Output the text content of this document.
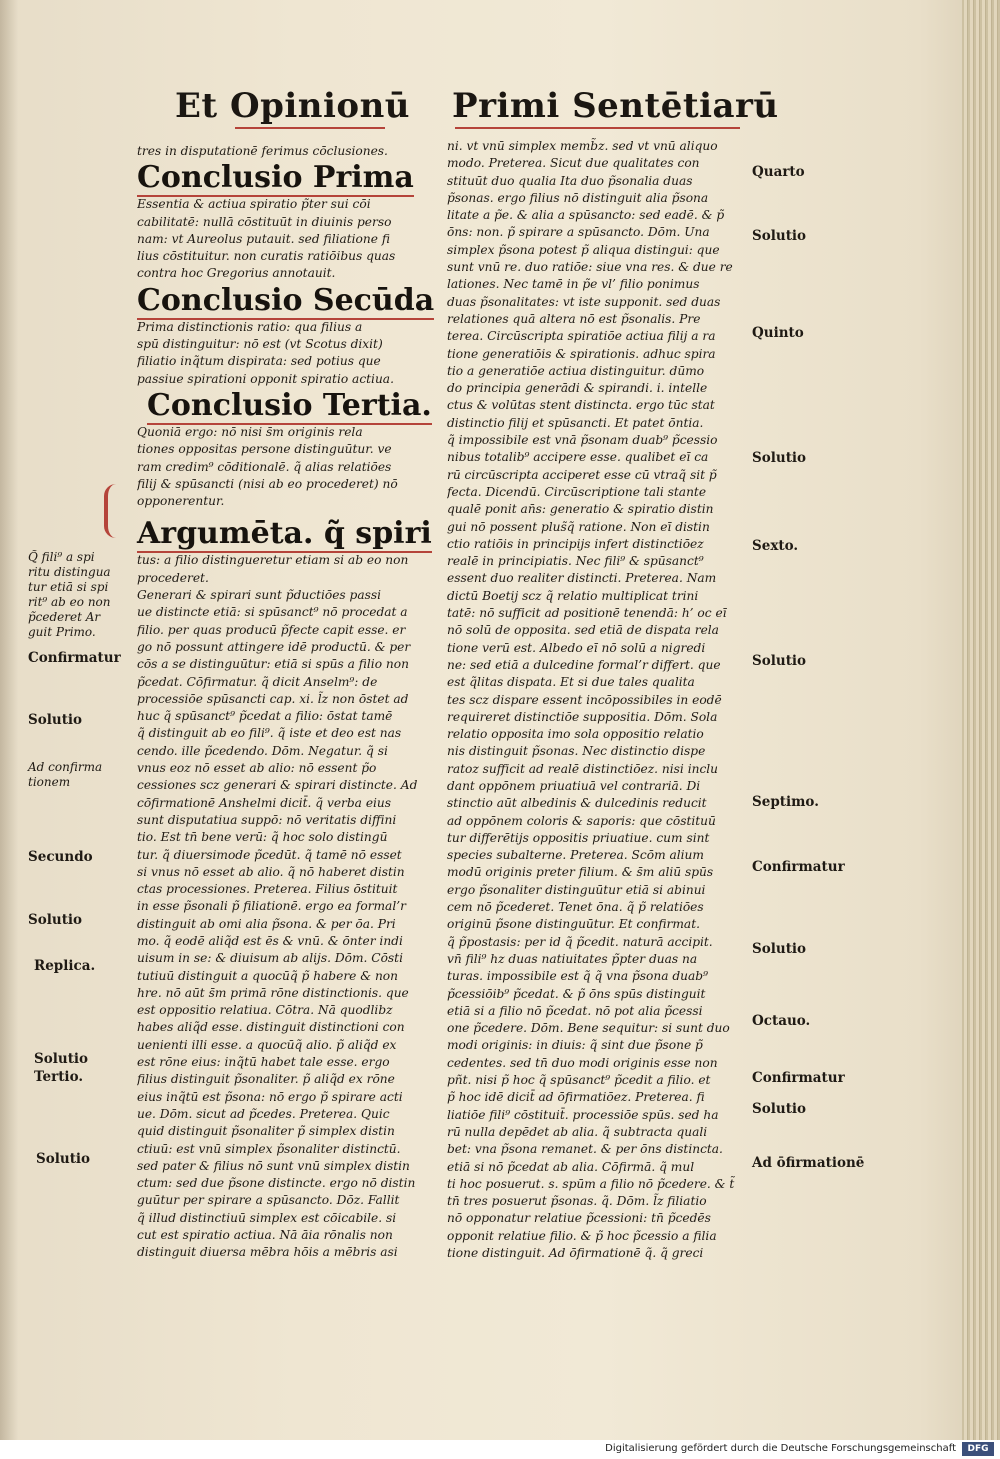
Et Opinionū Primi Sentētiarū
tres in disputationē ferimus cōclusiones.
Conclusio Prima
Essentia & actiua spiratio p̃ter sui cōi
cabilitatē: nullā cōstituūt in diuinis perso
nam: vt Aureolus putauit. sed filiatione fi
lius cōstituitur. non curatis ratiōibus quas
contra hoc Gregorius annotauit.
Conclusio Secūda
Prima distinctionis ratio: qua filius a
spū distinguitur: nō est (vt Scotus dixit)
filiatio inq̃tum dispirata: sed potius que
passiue spirationi opponit spiratio actiua.
Conclusio Tertia.
Quoniā ergo: nō nisi s̄m originis rela
tiones oppositas persone distinguūtur. ve
ram credim⁹ cōditionalē. q̃ alias relatiōes
filij & spūsancti (nisi ab eo procederet) nō
opponerentur.
Argumēta. q̃ spiri
tus: a filio distingueretur etiam si ab eo non
procederet.
Generari & spirari sunt p̃ductiōes passi
ue distincte etiā: si spūsanct⁹ nō procedat a
filio. per quas producū p̃fecte capit esse. er
go nō possunt attingere idē productū. & per
cōs a se distinguūtur: etiā si spūs a filio non
p̃cedat. Cōfirmatur. q̃ dicit Anselm⁹: de
processiōe spūsancti cap. xi. l̃z non ōstet ad
huc q̃ spūsanct⁹ p̃cedat a filio: ōstat tamē
q̃ distinguit ab eo fili⁹. q̃ iste et deo est nas
cendo. ille p̃cedendo. Dōm. Negatur. q̃ si
vnus eoz nō esset ab alio: nō essent p̃o
cessiones scz generari & spirari distincte. Ad
cōfirmationē Anshelmi dicit̄. q̃ verba eius
sunt disputatiua suppō: nō veritatis diffini
tio. Est tn̄ bene verū: q̃ hoc solo distingū
tur. q̃ diuersimode p̃cedūt. q̃ tamē nō esset
si vnus nō esset ab alio. q̃ nō haberet distin
ctas processiones. Preterea. Filius ōstituit
in esse p̃sonali p̃ filiationē. ergo ea formal’r
distinguit ab omi alia p̃sona. & per ōa. Pri
mo. q̃ eodē aliq̃d est ēs & vnū. & ōnter indi
uisum in se: & diuisum ab alijs. Dōm. Cōsti
tutiuū distinguit a quocūq̃ p̃ habere & non
hre. nō aūt s̄m primā rōne distinctionis. que
est oppositio relatiua. Cōtra. Nā quodlibz
habes aliq̃d esse. distinguit distinctioni con
uenienti illi esse. a quocūq̃ alio. p̃ aliq̃d ex
est rōne eius: inq̃tū habet tale esse. ergo
filius distinguit p̃sonaliter. p̃ aliq̃d ex rōne
eius inq̃tū est p̃sona: nō ergo p̃ spirare acti
ue. Dōm. sicut ad p̃cedes. Preterea. Quic
quid distinguit p̃sonaliter p̃ simplex distin
ctiuū: est vnū simplex p̃sonaliter distinctū.
sed pater & filius nō sunt vnū simplex distin
ctum: sed due p̃sone distincte. ergo nō distin
guūtur per spirare a spūsancto. Dōz. Fallit
q̃ illud distinctiuū simplex est cōicabile. si
cut est spiratio actiua. Nā āia rōnalis non
distinguit diuersa mēbra hōis a mēbris asi
ni. vt vnū simplex memb̃z. sed vt vnū aliquo
modo. Preterea. Sicut due qualitates con
stituūt duo qualia Ita duo p̃sonalia duas
p̃sonas. ergo filius nō distinguit alia p̃sona
litate a p̃e. & alia a spūsancto: sed eadē. & p̃
ōns: non. p̃ spirare a spūsancto. Dōm. Una
simplex p̃sona potest p̃ aliqua distingui: que
sunt vnū re. duo ratiōe: siue vna res. & due re
lationes. Nec tamē in p̃e vl’ filio ponimus
duas p̃sonalitates: vt iste supponit. sed duas
relationes quā altera nō est p̃sonalis. Pre
terea. Circūscripta spiratiōe actiua filij a ra
tione generatiōis & spirationis. adhuc spira
tio a generatiōe actiua distinguitur. dūmo
do principia generādi & spirandi. i. intelle
ctus & volūtas stent distincta. ergo tūc stat
distinctio filij et spūsancti. Et patet ōntia.
q̃ impossibile est vnā p̃sonam duab⁹ p̃cessio
nibus totalib⁹ accipere esse. qualibet eī ca
rū circūscripta acciperet esse cū vtraq̃ sit p̃
fecta. Dicendū. Circūscriptione tali stante
qualē ponit an̄s: generatio & spiratio distin
gui nō possent plus̃q̃ ratione. Non eī distin
ctio ratiōis in principijs infert distinctiōez
realē in principiatis. Nec fili⁹ & spūsanct⁹
essent duo realiter distincti. Preterea. Nam
dictū Boetij scz q̃ relatio multiplicat trini
tatē: nō sufficit ad positionē tenendā: h’ oc eī
nō solū de opposita. sed etiā de dispata rela
tione verū est. Albedo eī nō solū a nigredi
ne: sed etiā a dulcedine formal’r differt. que
est q̃litas dispata. Et si due tales qualita
tes scz dispare essent incōpossibiles in eodē
requireret distinctiōe suppositia. Dōm. Sola
relatio opposita imo sola oppositio relatio
nis distinguit p̃sonas. Nec distinctio dispe
ratoz sufficit ad realē distinctiōez. nisi inclu
dant oppōnem priuatiuā vel contrariā. Di
stinctio aūt albedinis & dulcedinis reducit
ad oppōnem coloris & saporis: que cōstituū
tur differētijs oppositis priuatiue. cum sint
species subalterne. Preterea. Scōm alium
modū originis preter filium. & s̄m aliū spūs
ergo p̃sonaliter distinguūtur etiā si abinui
cem nō p̃cederet. Tenet ōna. q̃ p̃ relatiōes
originū p̃sone distinguūtur. Et confirmat.
q̃ p̃postasis: per id q̃ p̃cedit. naturā accipit.
vn̄ fili⁹ hz duas natiuitates p̃pter duas na
turas. impossibile est q̃ q̃ vna p̃sona duab⁹
p̃cessiōib⁹ p̃cedat. & p̃ ōns spūs distinguit
etiā si a filio nō p̃cedat. nō pot alia p̃cessi
one p̃cedere. Dōm. Bene sequitur: si sunt duo
modi originis: in diuis: q̃ sint due p̃sone p̃
cedentes. sed tn̄ duo modi originis esse non
pñt. nisi p̃ hoc q̃ spūsanct⁹ p̃cedit a filio. et
p̃ hoc idē dicit̄ ad ōfirmatiōez. Preterea. fi
liatiōe fili⁹ cōstituit̄. processiōe spūs. sed ha
rū nulla depēdet ab alia. q̃ subtracta quali
bet: vna p̃sona remanet. & per ōns distincta.
etiā si nō p̃cedat ab alia. Cōfirmā. q̃ mul
ti hoc posuerut. s. spūm a filio nō p̃cedere. & t̃
tn̄ tres posuerut p̃sonas. q̃. Dōm. l̃z filiatio
nō opponatur relatiue p̃cessioni: tn̄ p̃cedēs
opponit relatiue filio. & p̃ hoc p̃cessio a filia
tione distinguit. Ad ōfirmationē q̃. q̃ greci
Q̃ fili⁹ a spi
ritu distingua
tur etiā si spi
rit⁹ ab eo non
p̃cederet Ar
guit Primo.
Confirmatur
Solutio
Ad confirma
tionem
Secundo
Solutio
Replica.
Solutio
Tertio.
Solutio
Quarto
Solutio
Quinto
Solutio
Sexto.
Solutio
Septimo.
Confirmatur
Solutio
Octauo.
Confirmatur
Solutio
Ad ōfirmationē
Digitalisierung gefördert durch die Deutsche Forschungsgemeinschaft	DFG
